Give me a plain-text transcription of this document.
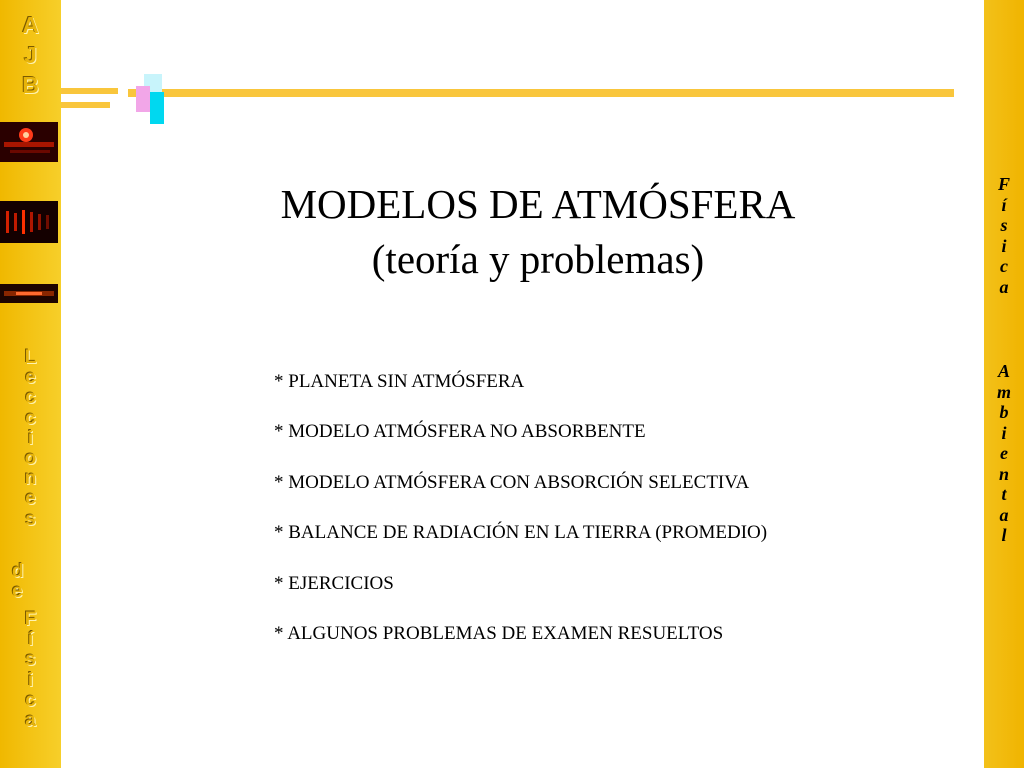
A
J
B
L
e
c
c
i
o
n
e
s
d
e
F
í
s
i
c
a
F
í
s
i
c
a
A
m
b
i
e
n
t
a
l
MODELOS DE ATMÓSFERA
(teoría y problemas)
* PLANETA SIN ATMÓSFERA
* MODELO ATMÓSFERA NO ABSORBENTE
* MODELO ATMÓSFERA CON ABSORCIÓN SELECTIVA
* BALANCE DE RADIACIÓN EN LA TIERRA (PROMEDIO)
* EJERCICIOS
* ALGUNOS PROBLEMAS DE EXAMEN RESUELTOS
